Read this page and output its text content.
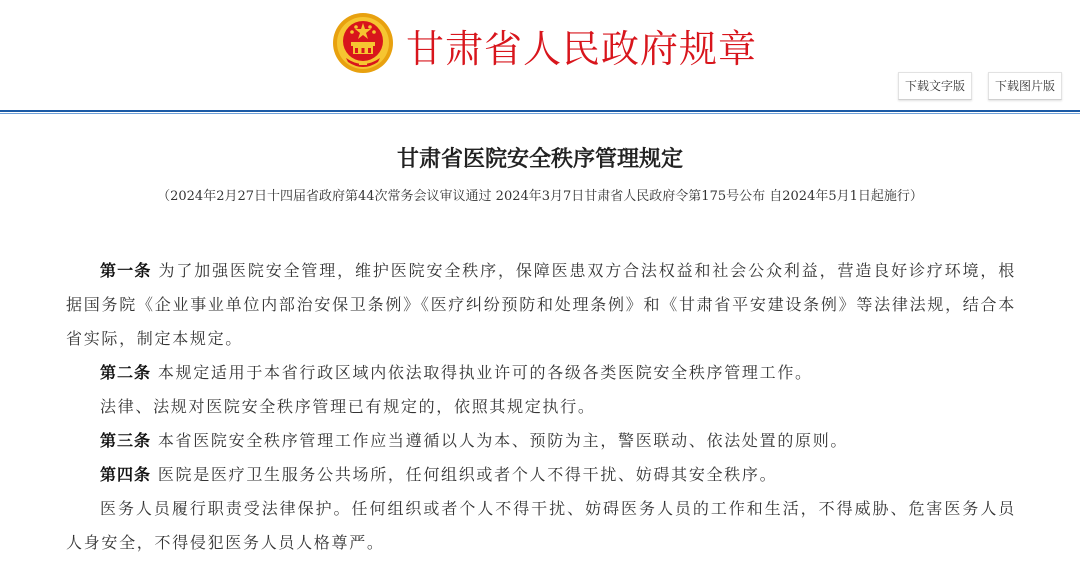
甘肃省人民政府规章
下载文字版	下载图片版
甘肃省医院安全秩序管理规定
（2024年2月27日十四届省政府第44次常务会议审议通过 2024年3月7日甘肃省人民政府令第175号公布 自2024年5月1日起施行）

第一条 为了加强医院安全管理，维护医院安全秩序，保障医患双方合法权益和社会公众利益，营造良好诊疗环境，根据国务院《企业事业单位内部治安保卫条例》《医疗纠纷预防和处理条例》和《甘肃省平安建设条例》等法律法规，结合本省实际，制定本规定。

第二条 本规定适用于本省行政区域内依法取得执业许可的各级各类医院安全秩序管理工作。

法律、法规对医院安全秩序管理已有规定的，依照其规定执行。

第三条 本省医院安全秩序管理工作应当遵循以人为本、预防为主，警医联动、依法处置的原则。

第四条 医院是医疗卫生服务公共场所，任何组织或者个人不得干扰、妨碍其安全秩序。

医务人员履行职责受法律保护。任何组织或者个人不得干扰、妨碍医务人员的工作和生活，不得威胁、危害医务人员人身安全，不得侵犯医务人员人格尊严。
